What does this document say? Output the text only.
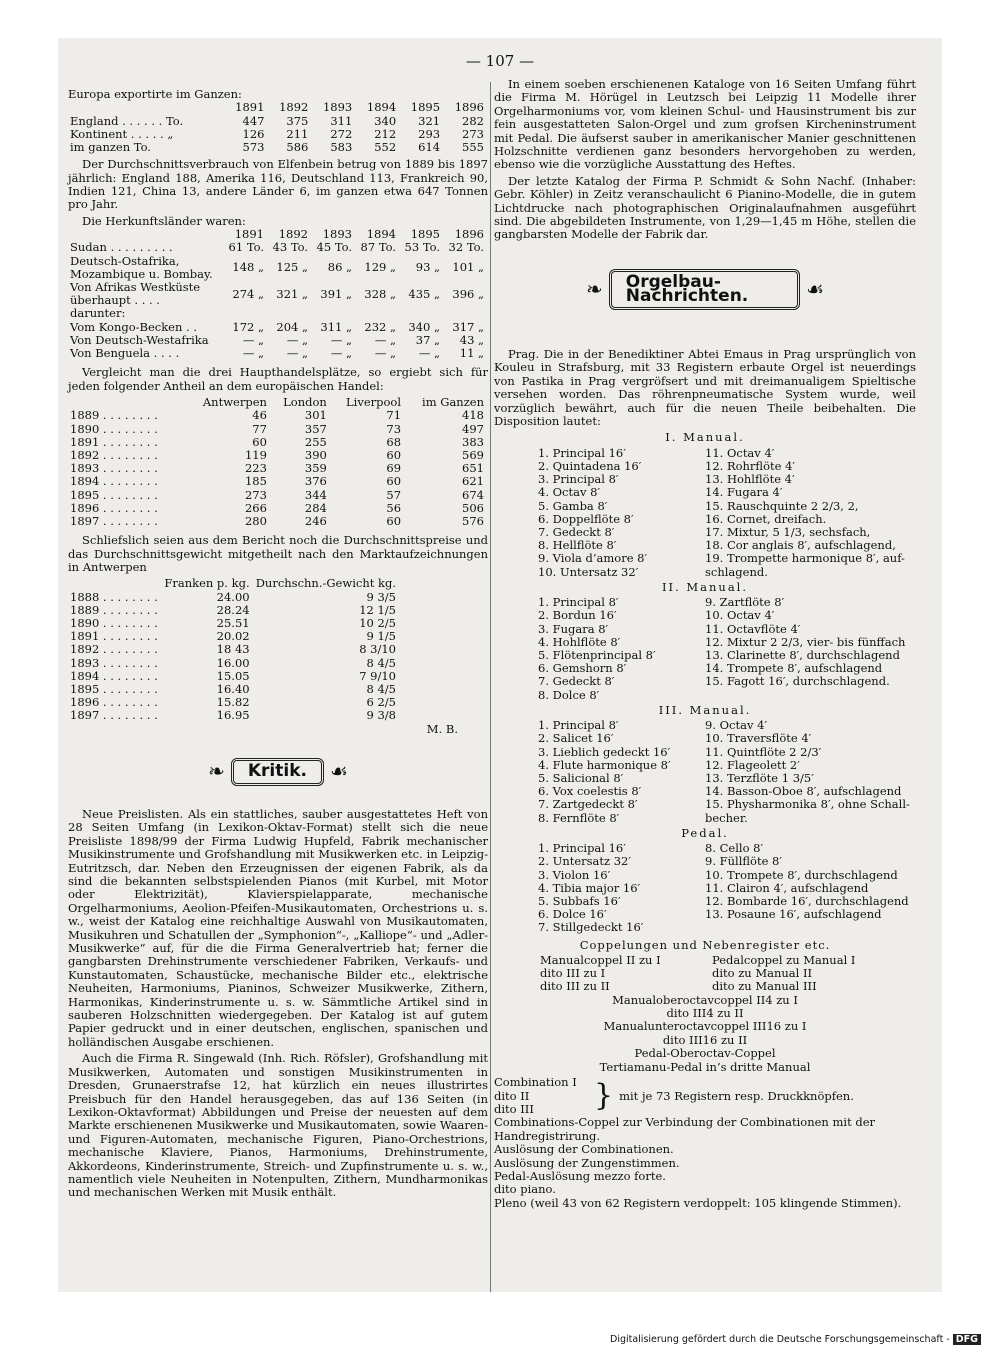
— 107 —
Europa exportirte im Ganzen:
	1891	1892	1893	1894	1895	1896
England . . . . . . To.	447	375	311	340	321	282
Kontinent . . . . . „	126	211	272	212	293	273
im ganzen To.	573	586	583	552	614	555

Der Durchschnittsverbrauch von Elfenbein betrug von 1889 bis 1897 jährlich: England 188, Amerika 116, Deutschland 113, Frankreich 90, Indien 121, China 13, andere Länder 6, im ganzen etwa 647 Tonnen pro Jahr.

Die Herkunftsländer waren:
	1891	1892	1893	1894	1895	1896
Sudan . . . . . . . . .	61 To.	43 To.	45 To.	87 To.	53 To.	32 To.
Deutsch-Ostafrika, Mozambique u. Bombay.	148 „	125 „	86 „	129 „	93 „	101 „
Von Afrikas Westküste überhaupt . . . .	274 „	321 „	391 „	328 „	435 „	396 „
darunter:						
Vom Kongo-Becken . .	172 „	204 „	311 „	232 „	340 „	317 „
Von Deutsch-Westafrika	— „	— „	— „	— „	37 „	43 „
Von Benguela . . . .	— „	— „	— „	— „	— „	11 „

Vergleicht man die drei Haupthandelsplätze, so ergiebt sich für jeden folgender Antheil an dem europäischen Handel:

	Antwerpen	London	Liverpool	im Ganzen
1889 . . . . . . . .	46	301	71	418
1890 . . . . . . . .	77	357	73	497
1891 . . . . . . . .	60	255	68	383
1892 . . . . . . . .	119	390	60	569
1893 . . . . . . . .	223	359	69	651
1894 . . . . . . . .	185	376	60	621
1895 . . . . . . . .	273	344	57	674
1896 . . . . . . . .	266	284	56	506
1897 . . . . . . . .	280	246	60	576

Schliefslich seien aus dem Bericht noch die Durchschnittspreise und das Durchschnittsgewicht mitgetheilt nach den Marktaufzeichnungen in Antwerpen

	Franken p. kg.	Durchschn.-Gewicht kg.
1888 . . . . . . . .	24.00	9 3/5
1889 . . . . . . . .	28.24	12 1/5
1890 . . . . . . . .	25.51	10 2/5
1891 . . . . . . . .	20.02	9 1/5
1892 . . . . . . . .	18 43	8 3/10
1893 . . . . . . . .	16.00	8 4/5
1894 . . . . . . . .	15.05	7 9/10
1895 . . . . . . . .	16.40	8 4/5
1896 . . . . . . . .	15.82	6 2/5
1897 . . . . . . . .	16.95	9 3/8
M. B.
❧	Kritik.	☙

Neue Preislisten. Als ein stattliches, sauber ausgestattetes Heft von 28 Seiten Umfang (in Lexikon-Oktav-Format) stellt sich die neue Preisliste 1898/99 der Firma Ludwig Hupfeld, Fabrik mechanischer Musikinstrumente und Grofshandlung mit Musikwerken etc. in Leipzig-Eutritzsch, dar. Neben den Erzeugnissen der eigenen Fabrik, als da sind die bekannten selbstspielenden Pianos (mit Kurbel, mit Motor oder Elektrizität), Klavierspielapparate, mechanische Orgelharmoniums, Aeolion-Pfeifen-Musikautomaten, Orchestrions u. s. w., weist der Katalog eine reichhaltige Auswahl von Musikautomaten, Musikuhren und Schatullen der „Symphonion“-, „Kalliope“- und „Adler-Musikwerke“ auf, für die die Firma Generalvertrieb hat; ferner die gangbarsten Drehinstrumente verschiedener Fabriken, Verkaufs- und Kunstautomaten, Schaustücke, mechanische Bilder etc., elektrische Neuheiten, Harmoniums, Pianinos, Schweizer Musikwerke, Zithern, Harmonikas, Kinderinstrumente u. s. w. Sämmtliche Artikel sind in sauberen Holzschnitten wiedergegeben. Der Katalog ist auf gutem Papier gedruckt und in einer deutschen, englischen, spanischen und holländischen Ausgabe erschienen.

Auch die Firma R. Singewald (Inh. Rich. Röfsler), Grofshandlung mit Musikwerken, Automaten und sonstigen Musikinstrumenten in Dresden, Grunaerstrafse 12, hat kürzlich ein neues illustrirtes Preisbuch für den Handel herausgegeben, das auf 136 Seiten (in Lexikon-Oktavformat) Abbildungen und Preise der neuesten auf dem Markte erschienenen Musikwerke und Musikautomaten, sowie Waaren- und Figuren-Automaten, mechanische Figuren, Piano-Orchestrions, mechanische Klaviere, Pianos, Harmoniums, Drehinstrumente, Akkordeons, Kinderinstrumente, Streich- und Zupfinstrumente u. s. w., namentlich viele Neuheiten in Notenpulten, Zithern, Mundharmonikas und mechanischen Werken mit Musik enthält.

In einem soeben erschienenen Kataloge von 16 Seiten Umfang führt die Firma M. Hörügel in Leutzsch bei Leipzig 11 Modelle ihrer Orgelharmoniums vor, vom kleinen Schul- und Hausinstrument bis zur fein ausgestatteten Salon-Orgel und zum grofsen Kircheninstrument mit Pedal. Die äufserst sauber in amerikanischer Manier geschnittenen Holzschnitte verdienen ganz besonders hervorgehoben zu werden, ebenso wie die vorzügliche Ausstattung des Heftes.

Der letzte Katalog der Firma P. Schmidt & Sohn Nachf. (Inhaber: Gebr. Köhler) in Zeitz veranschaulicht 6 Pianino-Modelle, die in gutem Lichtdrucke nach photographischen Originalaufnahmen ausgeführt sind. Die abgebildeten Instrumente, von 1,29—1,45 m Höhe, stellen die gangbarsten Modelle der Fabrik dar.

❧	Orgelbau-Nachrichten.	☙

Prag. Die in der Benediktiner Abtei Emaus in Prag ursprünglich von Kouleu in Strafsburg, mit 33 Registern erbaute Orgel ist neuerdings von Pastika in Prag vergröfsert und mit dreimanualigem Spieltische versehen worden. Das röhrenpneumatische System wurde, weil vorzüglich bewährt, auch für die neuen Theile beibehalten. Die Disposition lautet:

I. Manual.
1. Principal 16′	11. Octav 4′
2. Quintadena 16′	12. Rohrflöte 4′
3. Principal 8′	13. Hohlflöte 4′
4. Octav 8′	14. Fugara 4′
5. Gamba 8′	15. Rauschquinte 2 2/3, 2,
6. Doppelflöte 8′	16. Cornet, dreifach.
7. Gedeckt 8′	17. Mixtur, 5 1/3, sechsfach,
8. Hellflöte 8′	18. Cor anglais 8′, aufschlagend,
9. Viola d’amore 8′	19. Trompette harmonique 8′, auf-
10. Untersatz 32′	schlagend.
II. Manual.
1. Principal 8′	9. Zartflöte 8′
2. Bordun 16′	10. Octav 4′
3. Fugara 8′	11. Octavflöte 4′
4. Hohlflöte 8′	12. Mixtur 2 2/3, vier- bis fünffach
5. Flötenprincipal 8′	13. Clarinette 8′, durchschlagend
6. Gemshorn 8′	14. Trompete 8′, aufschlagend
7. Gedeckt 8′	15. Fagott 16′, durchschlagend.
8. Dolce 8′
III. Manual.
1. Principal 8′	9. Octav 4′
2. Salicet 16′	10. Traversflöte 4′
3. Lieblich gedeckt 16′	11. Quintflöte 2 2/3′
4. Flute harmonique 8′	12. Flageolett 2′
5. Salicional 8′	13. Terzflöte 1 3/5′
6. Vox coelestis 8′	14. Basson-Oboe 8′, aufschlagend
7. Zartgedeckt 8′	15. Physharmonika 8′, ohne Schall-
8. Fernflöte 8′	becher.
Pedal.
1. Principal 16′	8. Cello 8′
2. Untersatz 32′	9. Füllflöte 8′
3. Violon 16′	10. Trompete 8′, durchschlagend
4. Tibia major 16′	11. Clairon 4′, aufschlagend
5. Subbafs 16′	12. Bombarde 16′, durchschlagend
6. Dolce 16′	13. Posaune 16′, aufschlagend
7. Stillgedeckt 16′
Coppelungen und Nebenregister etc.
Manualcoppel II zu I	Pedalcoppel zu Manual I
dito III zu I	dito zu Manual II
dito III zu II	dito zu Manual III
Manualoberoctavcoppel II4 zu I
dito III4 zu II
Manualunteroctavcoppel III16 zu I
dito III16 zu II
Pedal-Oberoctav-Coppel
Tertiamanu-Pedal in’s dritte Manual
Combination I
dito II
dito III	} mit je 73 Registern resp. Druckknöpfen.
Combinations-Coppel zur Verbindung der Combinationen mit der Handregistrirung.
Auslösung der Combinationen.
Auslösung der Zungenstimmen.
Pedal-Auslösung mezzo forte.
dito piano.
Pleno (weil 43 von 62 Registern verdoppelt: 105 klingende Stimmen).
Digitalisierung gefördert durch die Deutsche Forschungsgemeinschaft - DFG
